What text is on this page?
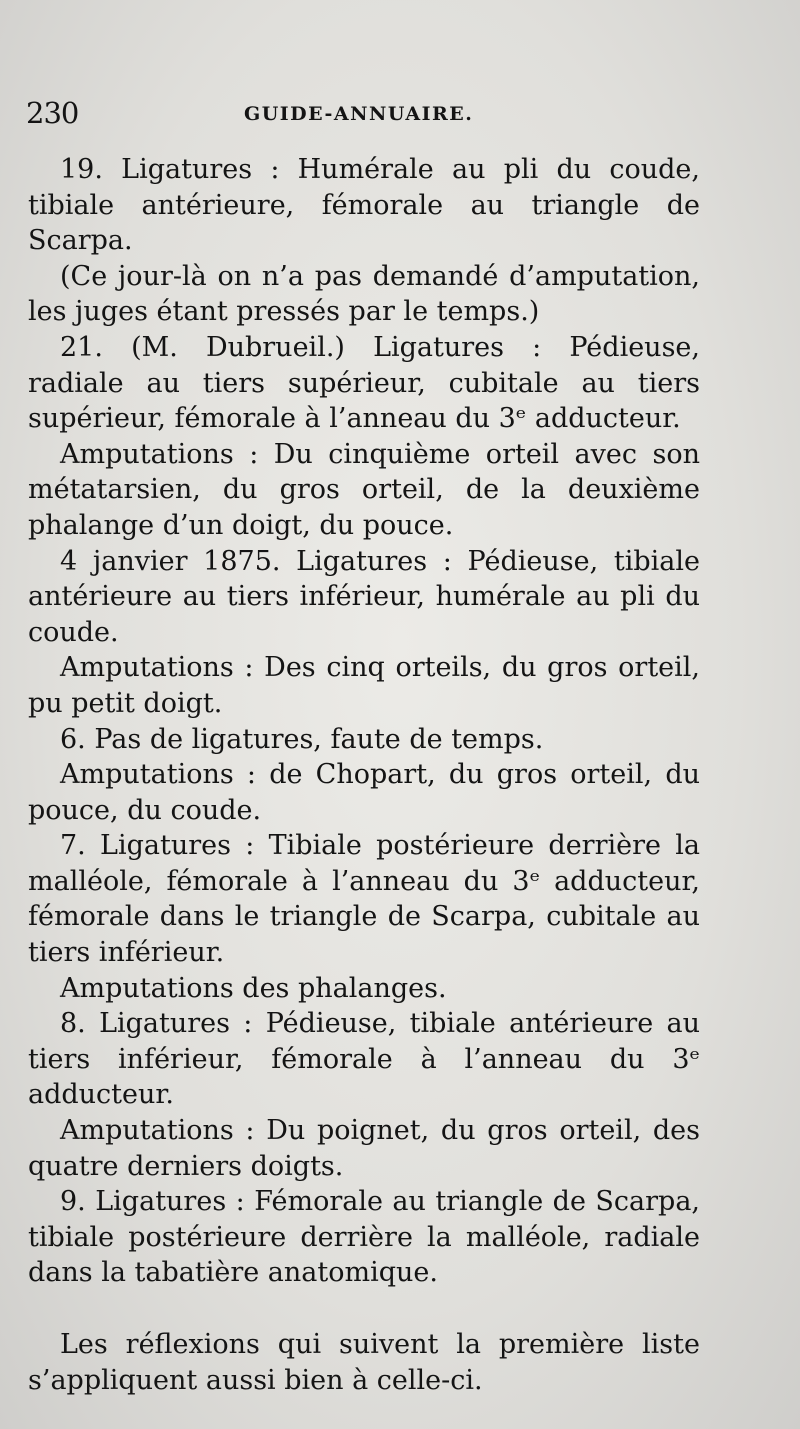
230	GUIDE-ANNUAIRE.

19. Ligatures : Humérale au pli du coude, tibiale antérieure, fémorale au triangle de Scarpa.

(Ce jour-là on n’a pas demandé d’amputation, les juges étant pressés par le temps.)

21. (M. Dubrueil.) Ligatures : Pédieuse, radiale au tiers supérieur, cubitale au tiers supérieur, fémorale à l’anneau du 3ᵉ adducteur.

Amputations : Du cinquième orteil avec son métatarsien, du gros orteil, de la deuxième phalange d’un doigt, du pouce.

4 janvier 1875. Ligatures : Pédieuse, tibiale antérieure au tiers inférieur, humérale au pli du coude.

Amputations : Des cinq orteils, du gros orteil, pu petit doigt.

6. Pas de ligatures, faute de temps.

Amputations : de Chopart, du gros orteil, du pouce, du coude.

7. Ligatures : Tibiale postérieure derrière la malléole, fémorale à l’anneau du 3ᵉ adducteur, fémorale dans le triangle de Scarpa, cubitale au tiers inférieur.

Amputations des phalanges.

8. Ligatures : Pédieuse, tibiale antérieure au tiers inférieur, fémorale à l’anneau du 3ᵉ adducteur.

Amputations : Du poignet, du gros orteil, des quatre derniers doigts.

9. Ligatures : Fémorale au triangle de Scarpa, tibiale postérieure derrière la malléole, radiale dans la tabatière anatomique.

Les réflexions qui suivent la première liste s’appliquent aussi bien à celle-ci.
